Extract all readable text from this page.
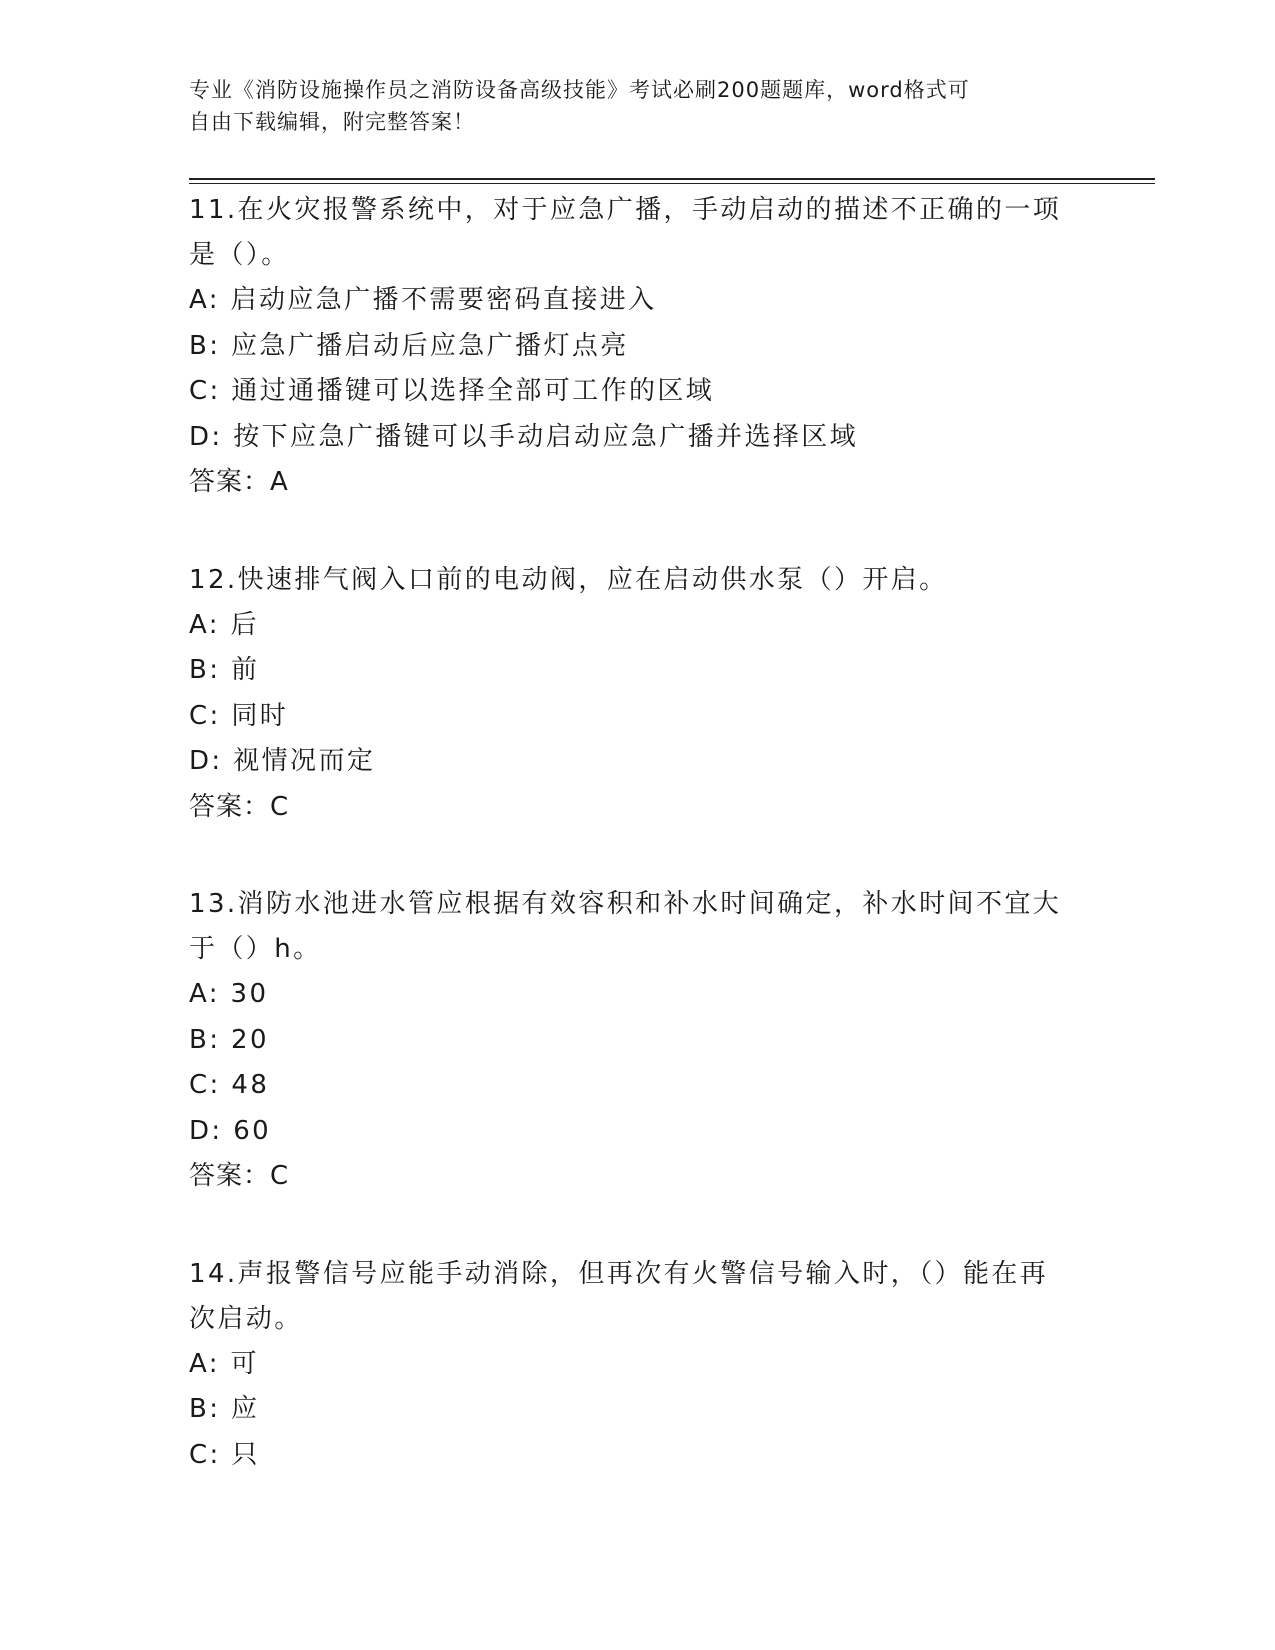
专业《消防设施操作员之消防设备高级技能》考试必刷200题题库，word格式可
自由下载编辑，附完整答案！
11.在火灾报警系统中，对于应急广播，手动启动的描述不正确的一项
是（）。
A: 启动应急广播不需要密码直接进入
B: 应急广播启动后应急广播灯点亮
C: 通过通播键可以选择全部可工作的区域
D: 按下应急广播键可以手动启动应急广播并选择区域
答案：A
12.快速排气阀入口前的电动阀，应在启动供水泵（）开启。
A: 后
B: 前
C: 同时
D: 视情况而定
答案：C
13.消防水池进水管应根据有效容积和补水时间确定，补水时间不宜大
于（）h。
A: 30
B: 20
C: 48
D: 60
答案：C
14.声报警信号应能手动消除，但再次有火警信号输入时，（）能在再
次启动。
A: 可
B: 应
C: 只
